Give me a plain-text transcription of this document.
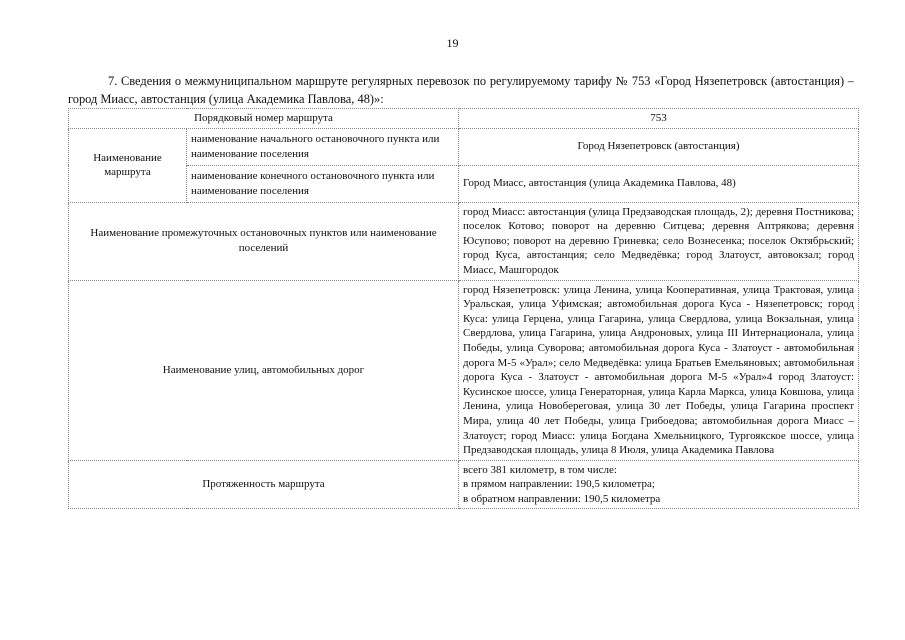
19

7. Сведения о межмуниципальном маршруте регулярных перевозок по регулируемому тарифу № 753 «Город Нязепетровск (автостанция) – город Миасс, автостанция (улица Академика Павлова, 48)»:

Порядковый номер маршрута		753
Наименование маршрута	наименование начального остановочного пункта или наименование поселения	Город Нязепетровск (автостанция)
	наименование конечного остановочного пункта или наименование поселения	Город Миасс, автостанция (улица Академика Павлова, 48)
Наименование промежуточных остановочных пунктов или наименование поселений		город Миасс: автостанция (улица Предзаводская площадь, 2); деревня Постникова; поселок Котово; поворот на деревню Ситцева; деревня Аптрякова; деревня Юсупово; поворот на деревню Гриневка; село Вознесенка; поселок Октябрьский; город Куса, автостанция; село Медведёвка; город Златоуст, автовокзал; город Миасс, Машгородок
Наименование улиц, автомобильных дорог		город Нязепетровск: улица Ленина, улица Кооперативная, улица Трактовая, улица Уральская, улица Уфимская; автомобильная дорога Куса - Нязепетровск; город Куса: улица Герцена, улица Гагарина, улица Свердлова, улица Вокзальная, улица Свердлова, улица Гагарина, улица Андроновых, улица III Интернационала, улица Победы, улица Суворова; автомобильная дорога Куса - Златоуст - автомобильная дорога М-5 «Урал»; село Медведёвка: улица Братьев Емельяновых; автомобильная дорога Куса - Златоуст - автомобильная дорога М-5 «Урал»4 город Златоуст: Кусинское шоссе, улица Генераторная, улица Карла Маркса, улица Ковшова, улица Ленина, улица Новобереговая, улица 30 лет Победы, улица Гагарина проспект Мира, улица 40 лет Победы, улица Грибоедова; автомобильная дорога Миасс – Златоуст; город Миасс: улица Богдана Хмельницкого, Тургоякское шоссе, улица Предзаводская площадь, улица 8 Июля, улица Академика Павлова
Протяженность маршрута		всего 381 километр, в том числе:
в прямом направлении: 190,5 километра;
в обратном направлении: 190,5 километра
